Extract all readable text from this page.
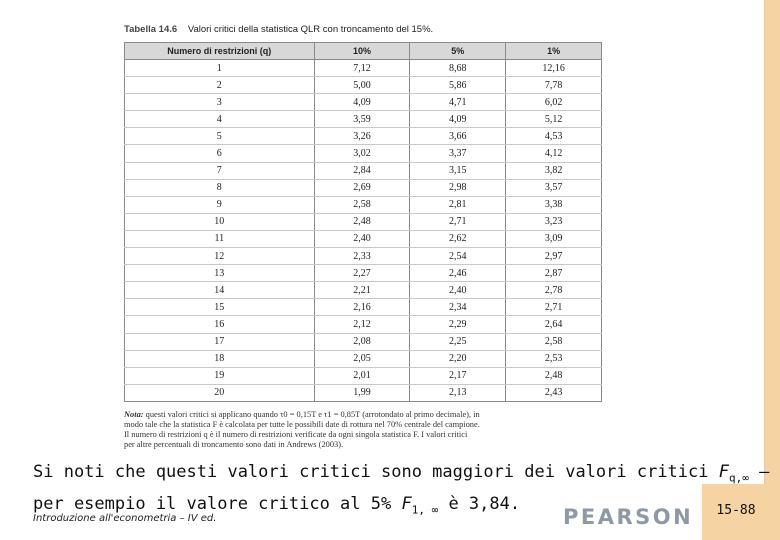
Tabella 14.6 Valori critici della statistica QLR con troncamento del 15%.
Numero di restrizioni (q)	10%	5%	1%
1	7,12	8,68	12,16
2	5,00	5,86	7,78
3	4,09	4,71	6,02
4	3,59	4,09	5,12
5	3,26	3,66	4,53
6	3,02	3,37	4,12
7	2,84	3,15	3,82
8	2,69	2,98	3,57
9	2,58	2,81	3,38
10	2,48	2,71	3,23
11	2,40	2,62	3,09
12	2,33	2,54	2,97
13	2,27	2,46	2,87
14	2,21	2,40	2,78
15	2,16	2,34	2,71
16	2,12	2,29	2,64
17	2,08	2,25	2,58
18	2,05	2,20	2,53
19	2,01	2,17	2,48
20	1,99	2,13	2,43
Nota: questi valori critici si applicano quando τ0 = 0,15T e τ1 = 0,85T (arrotondato al primo decimale), in
modo tale che la statistica F è calcolata per tutte le possibili date di rottura nel 70% centrale del campione.
Il numero di restrizioni q è il numero di restrizioni verificate da ogni singola statistica F. I valori critici
per altre percentuali di troncamento sono dati in Andrews (2003).
Si noti che questi valori critici sono maggiori dei valori critici $F_{q,\infty}$ –
per esempio il valore critico al 5% $F_{1, \infty}$ è 3,84.
Introduzione all'econometria – IV ed.	PEARSON	15-88
